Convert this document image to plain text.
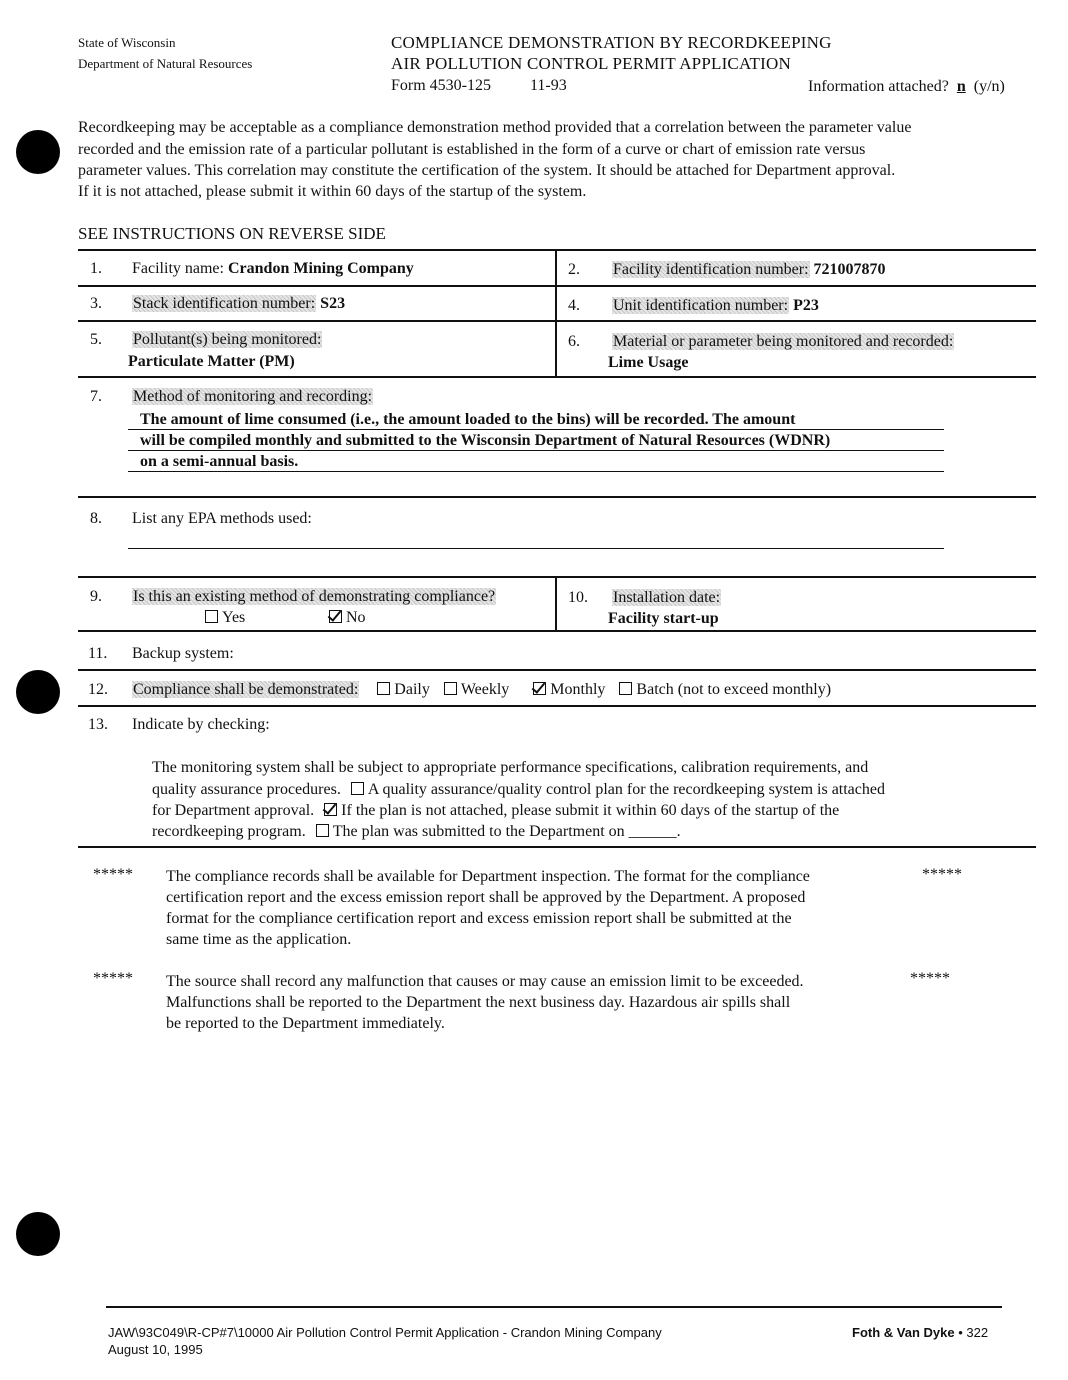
State of Wisconsin
Department of Natural Resources
COMPLIANCE DEMONSTRATION BY RECORDKEEPING
AIR POLLUTION CONTROL PERMIT APPLICATION
Form 4530-125 11-93	Information attached? n (y/n)
Recordkeeping may be acceptable as a compliance demonstration method provided that a correlation between the parameter value
recorded and the emission rate of a particular pollutant is established in the form of a curve or chart of emission rate versus
parameter values. This correlation may constitute the certification of the system. It should be attached for Department approval.
If it is not attached, please submit it within 60 days of the startup of the system.
SEE INSTRUCTIONS ON REVERSE SIDE
1. Facility name: Crandon Mining Company	2. Facility identification number: 721007870
3. Stack identification number: S23	4. Unit identification number: P23
5. Pollutant(s) being monitored:
Particulate Matter (PM)
6. Material or parameter being monitored and recorded:
Lime Usage
7. Method of monitoring and recording:
The amount of lime consumed (i.e., the amount loaded to the bins) will be recorded. The amount
will be compiled monthly and submitted to the Wisconsin Department of Natural Resources (WDNR)
on a semi-annual basis.
8. List any EPA methods used:
9. Is this an existing method of demonstrating compliance?
Yes	No
10. Installation date:
Facility start-up
11. Backup system:
12. Compliance shall be demonstrated: Daily Weekly	Monthly Batch (not to exceed monthly)
13. Indicate by checking:
The monitoring system shall be subject to appropriate performance specifications, calibration requirements, and
quality assurance procedures. A quality assurance/quality control plan for the recordkeeping system is attached
for Department approval. If the plan is not attached, please submit it within 60 days of the startup of the
recordkeeping program. The plan was submitted to the Department on ______.
***** The compliance records shall be available for Department inspection. The format for the compliance	*****
certification report and the excess emission report shall be approved by the Department. A proposed
format for the compliance certification report and excess emission report shall be submitted at the
same time as the application.
***** The source shall record any malfunction that causes or may cause an emission limit to be exceeded.	*****
Malfunctions shall be reported to the Department the next business day. Hazardous air spills shall
be reported to the Department immediately.
JAW\93C049\R-CP#7\10000 Air Pollution Control Permit Application - Crandon Mining Company
August 10, 1995
Foth & Van Dyke • 322
